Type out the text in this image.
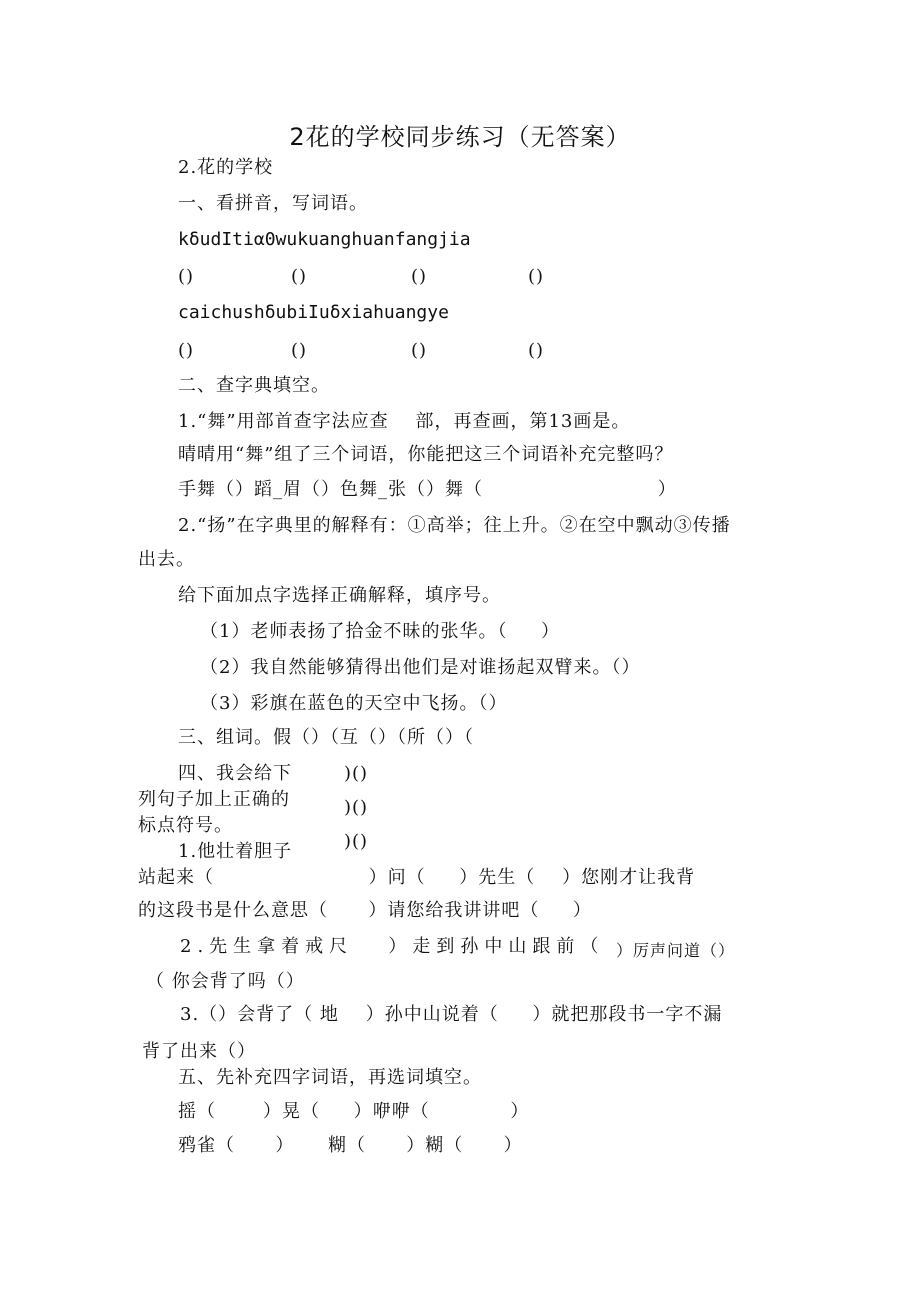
2花的学校同步练习（无答案）
2.花的学校
一、看拼音，写词语。
kδudItiα0wukuanghuanfangjia
()	()	()	()
caichushδubiIuδxiahuangye
()	()	()	()
二、查字典填空。
1.“舞”用部首查字法应查    部，再查画，第13画是。
晴晴用“舞”组了三个词语，你能把这三个词语补充完整吗？
手舞（）蹈_眉（）色舞_张（）舞（                          ）
2.“扬”在字典里的解释有：①高举；往上升。②在空中飘动③传播
出去。
给下面加点字选择正确解释，填序号。
（1）老师表扬了拾金不昧的张华。（     ）
（2）我自然能够猜得出他们是对谁扬起双臂来。（）
（3）彩旗在蓝色的天空中飞扬。（）
三、组词。假（）（互（）（所（）（
)()
)()
)()
四、我会给下
列句子加上正确的
标点符号。
1.他壮着胆子
站起来（                       ）问（     ）先生（    ）您刚才让我背
的这段书是什么意思（      ）请您给我讲讲吧（     ）
2.先生拿着戒尺   ）走到孙中山跟前（ ）厉声问道（）
（ 你会背了吗（）
3.（）会背了（ 地    ）孙中山说着（     ）就把那段书一字不漏
背了出来（）
五、先补充四字词语，再选词填空。
摇（       ）晃（     ）咿咿（            ）
鸦雀（      ）     糊（      ）糊（      ）
